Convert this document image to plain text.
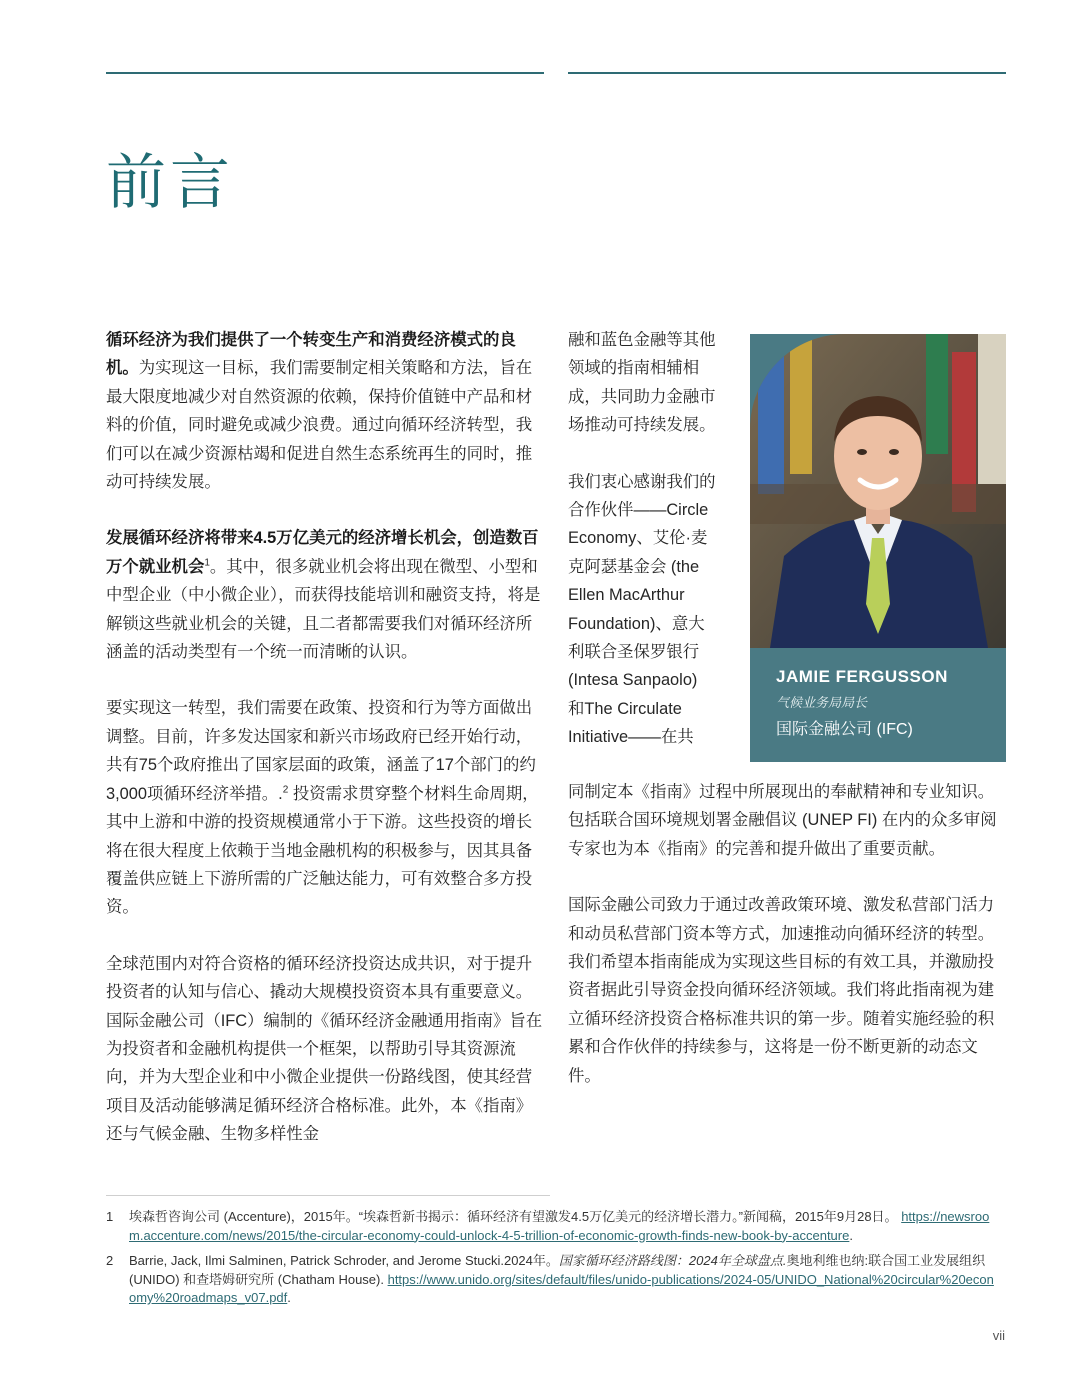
前言

循环经济为我们提供了一个转变生产和消费经济模式的良机。为实现这一目标，我们需要制定相关策略和方法，旨在最大限度地减少对自然资源的依赖，保持价值链中产品和材料的价值，同时避免或减少浪费。通过向循环经济转型，我们可以在减少资源枯竭和促进自然生态系统再生的同时，推动可持续发展。

发展循环经济将带来4.5万亿美元的经济增长机会，创造数百万个就业机会$^1$。其中，很多就业机会将出现在微型、小型和中型企业（中小微企业），而获得技能培训和融资支持，将是解锁这些就业机会的关键，且二者都需要我们对循环经济所涵盖的活动类型有一个统一而清晰的认识。

要实现这一转型，我们需要在政策、投资和行为等方面做出调整。目前，许多发达国家和新兴市场政府已经开始行动，共有75个政府推出了国家层面的政策，涵盖了17个部门的约3,000项循环经济举措。.$^2$ 投资需求贯穿整个材料生命周期，其中上游和中游的投资规模通常小于下游。这些投资的增长将在很大程度上依赖于当地金融机构的积极参与，因其具备覆盖供应链上下游所需的广泛触达能力，可有效整合多方投资。

全球范围内对符合资格的循环经济投资达成共识，对于提升投资者的认知与信心、撬动大规模投资资本具有重要意义。国际金融公司（IFC）编制的《循环经济金融通用指南》旨在为投资者和金融机构提供一个框架，以帮助引导其资源流向，并为大型企业和中小微企业提供一份路线图，使其经营项目及活动能够满足循环经济合格标准。此外，本《指南》还与气候金融、生物多样性金

融和蓝色金融等其他领域的指南相辅相成，共同助力金融市场推动可持续发展。

我们衷心感谢我们的合作伙伴——Circle Economy、艾伦·麦克阿瑟基金会 (the Ellen MacArthur Foundation)、意大利联合圣保罗银行 (Intesa Sanpaolo) 和The Circulate Initiative——在共

JAMIE FERGUSSON
气候业务局局长
国际金融公司 (IFC)

同制定本《指南》过程中所展现出的奉献精神和专业知识。包括联合国环境规划署金融倡议 (UNEP FI) 在内的众多审阅专家也为本《指南》的完善和提升做出了重要贡献。

国际金融公司致力于通过改善政策环境、激发私营部门活力和动员私营部门资本等方式，加速推动向循环经济的转型。我们希望本指南能成为实现这些目标的有效工具，并激励投资者据此引导资金投向循环经济领域。我们将此指南视为建立循环经济投资合格标准共识的第一步。随着实施经验的积累和合作伙伴的持续参与，这将是一份不断更新的动态文件。

1 埃森哲咨询公司 (Accenture)，2015年。“埃森哲新书揭示：循环经济有望激发4.5万亿美元的经济增长潜力。”新闻稿，2015年9月28日。 https://newsroom.accenture.com/news/2015/the-circular-economy-could-unlock-4-5-trillion-of-economic-growth-finds-new-book-by-accenture.
2 Barrie, Jack, Ilmi Salminen, Patrick Schroder, and Jerome Stucki.2024年。国家循环经济路线图：2024年全球盘点.奥地利维也纳:联合国工业发展组织 (UNIDO) 和查塔姆研究所 (Chatham House). https://www.unido.org/sites/default/files/unido-publications/2024-05/UNIDO_National%20circular%20economy%20roadmaps_v07.pdf.
vii
